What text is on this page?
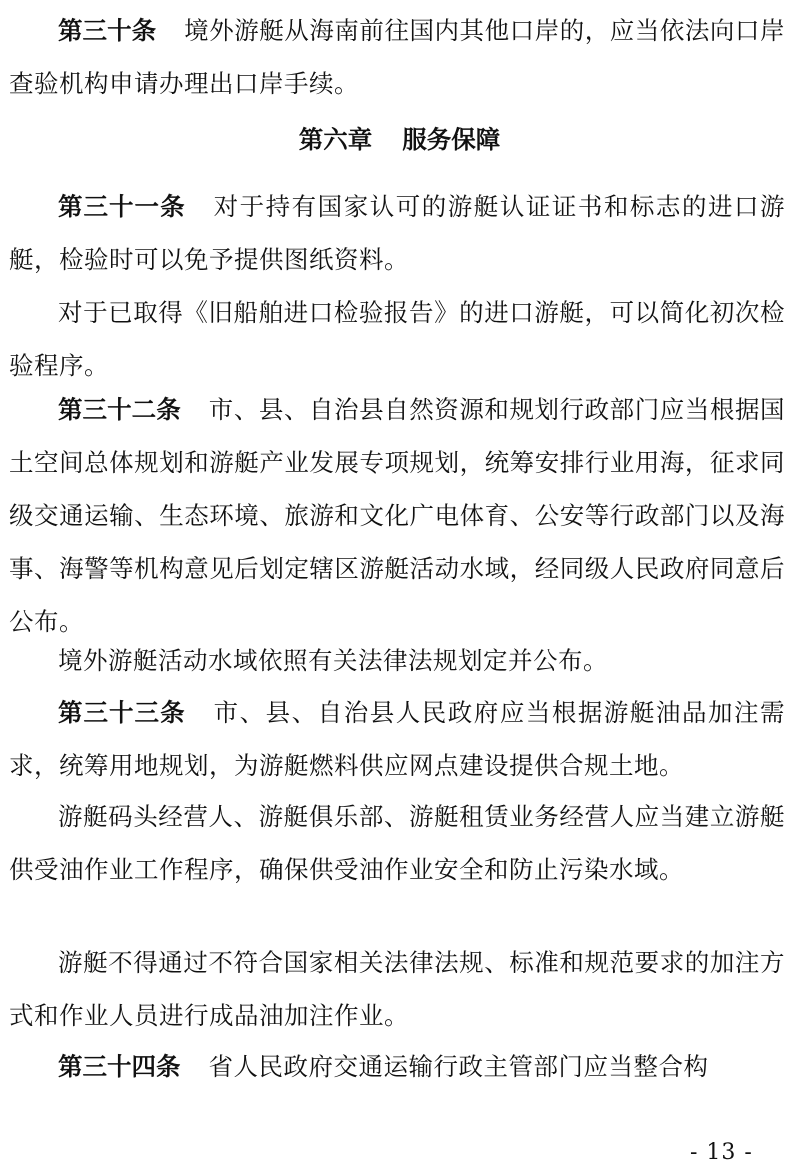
第三十条 境外游艇从海南前往国内其他口岸的，应当依法向口岸查验机构申请办理出口岸手续。

第六章 服务保障

第三十一条 对于持有国家认可的游艇认证证书和标志的进口游艇，检验时可以免予提供图纸资料。

对于已取得《旧船舶进口检验报告》的进口游艇，可以简化初次检验程序。

第三十二条 市、县、自治县自然资源和规划行政部门应当根据国土空间总体规划和游艇产业发展专项规划，统筹安排行业用海，征求同级交通运输、生态环境、旅游和文化广电体育、公安等行政部门以及海事、海警等机构意见后划定辖区游艇活动水域，经同级人民政府同意后公布。

境外游艇活动水域依照有关法律法规划定并公布。

第三十三条 市、县、自治县人民政府应当根据游艇油品加注需求，统筹用地规划，为游艇燃料供应网点建设提供合规土地。

游艇码头经营人、游艇俱乐部、游艇租赁业务经营人应当建立游艇供受油作业工作程序，确保供受油作业安全和防止污染水域。

游艇不得通过不符合国家相关法律法规、标准和规范要求的加注方式和作业人员进行成品油加注作业。

第三十四条 省人民政府交通运输行政主管部门应当整合构

- 13 -
